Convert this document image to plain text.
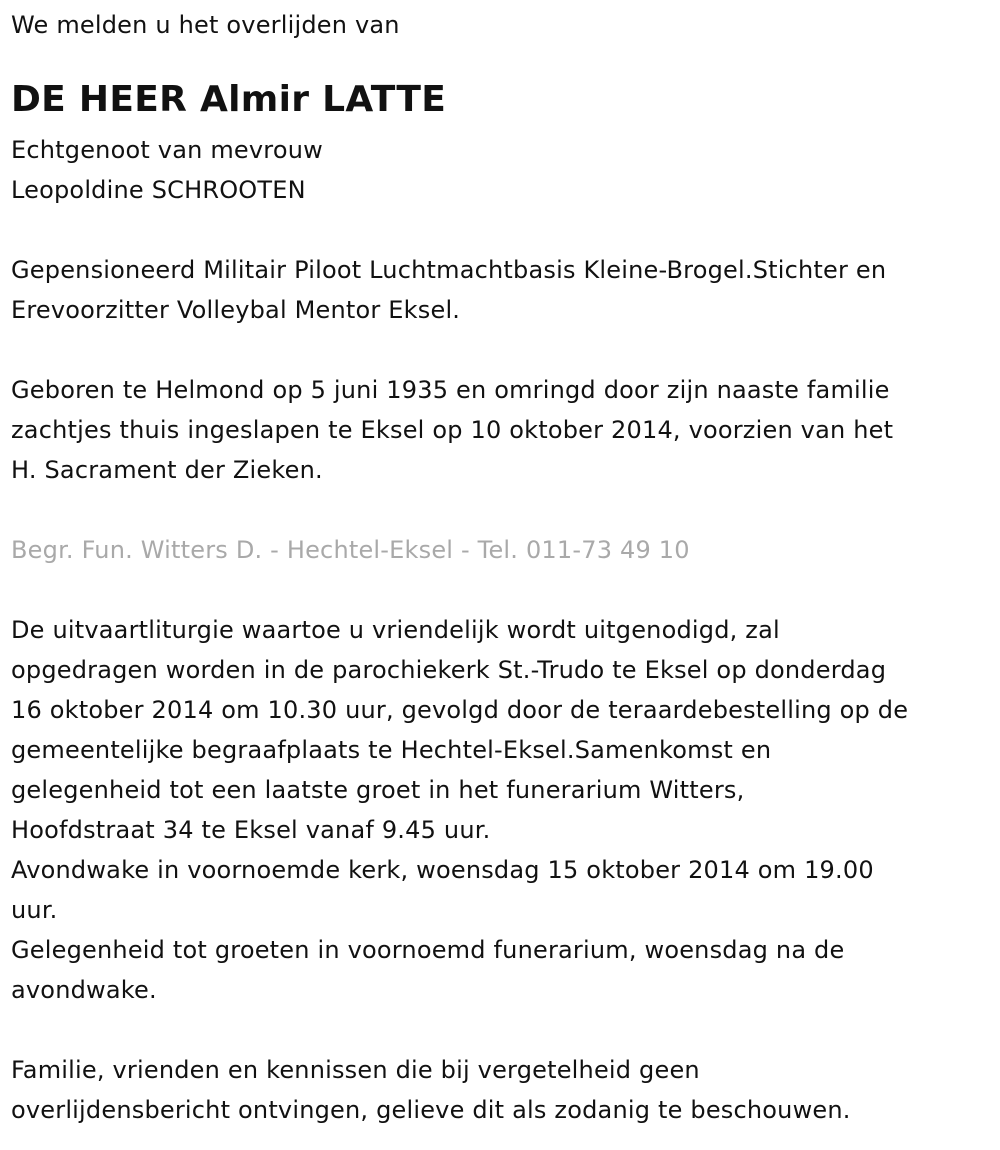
We melden u het overlijden van
DE HEER Almir LATTE
Echtgenoot van mevrouw
Leopoldine SCHROOTEN
Gepensioneerd Militair Piloot Luchtmachtbasis Kleine-Brogel.Stichter en
Erevoorzitter Volleybal Mentor Eksel.
Geboren te Helmond op 5 juni 1935 en omringd door zijn naaste familie
zachtjes thuis ingeslapen te Eksel op 10 oktober 2014, voorzien van het
H. Sacrament der Zieken.
Begr. Fun. Witters D. - Hechtel-Eksel - Tel. 011-73 49 10
De uitvaartliturgie waartoe u vriendelijk wordt uitgenodigd, zal
opgedragen worden in de parochiekerk St.-Trudo te Eksel op donderdag
16 oktober 2014 om 10.30 uur, gevolgd door de teraardebestelling op de
gemeentelijke begraafplaats te Hechtel-Eksel.Samenkomst en
gelegenheid tot een laatste groet in het funerarium Witters,
Hoofdstraat 34 te Eksel vanaf 9.45 uur.
Avondwake in voornoemde kerk, woensdag 15 oktober 2014 om 19.00
uur.
Gelegenheid tot groeten in voornoemd funerarium, woensdag na de
avondwake.
Familie, vrienden en kennissen die bij vergetelheid geen
overlijdensbericht ontvingen, gelieve dit als zodanig te beschouwen.
